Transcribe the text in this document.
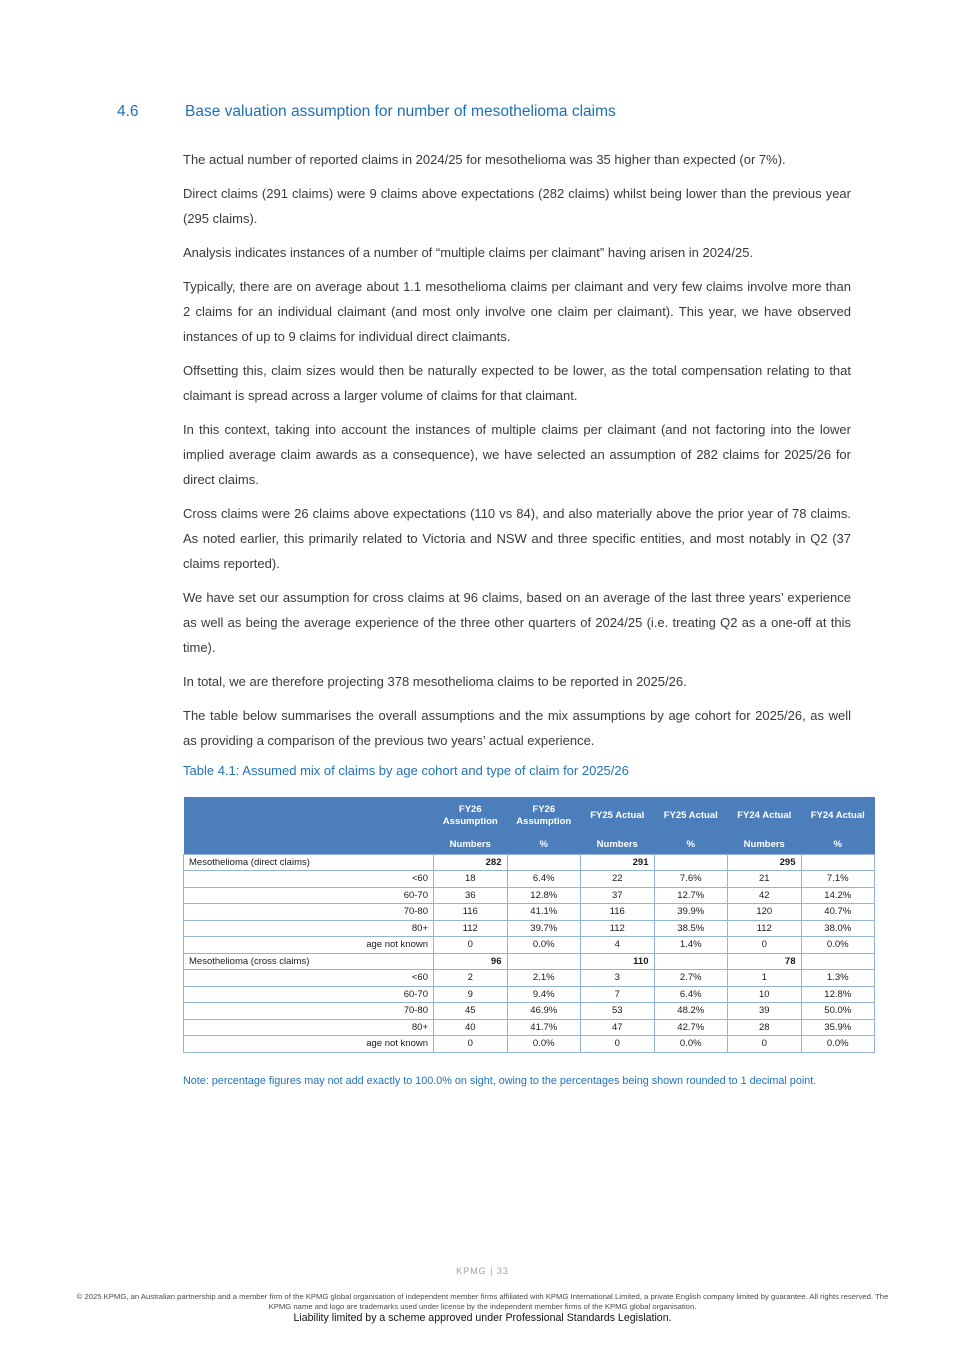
4.6	Base valuation assumption for number of mesothelioma claims

The actual number of reported claims in 2024/25 for mesothelioma was 35 higher than expected (or 7%).

Direct claims (291 claims) were 9 claims above expectations (282 claims) whilst being lower than the previous year (295 claims).

Analysis indicates instances of a number of “multiple claims per claimant” having arisen in 2024/25.

Typically, there are on average about 1.1 mesothelioma claims per claimant and very few claims involve more than 2 claims for an individual claimant (and most only involve one claim per claimant). This year, we have observed instances of up to 9 claims for individual direct claimants.

Offsetting this, claim sizes would then be naturally expected to be lower, as the total compensation relating to that claimant is spread across a larger volume of claims for that claimant.

In this context, taking into account the instances of multiple claims per claimant (and not factoring into the lower implied average claim awards as a consequence), we have selected an assumption of 282 claims for 2025/26 for direct claims.

Cross claims were 26 claims above expectations (110 vs 84), and also materially above the prior year of 78 claims. As noted earlier, this primarily related to Victoria and NSW and three specific entities, and most notably in Q2 (37 claims reported).

We have set our assumption for cross claims at 96 claims, based on an average of the last three years’ experience as well as being the average experience of the three other quarters of 2024/25 (i.e. treating Q2 as a one-off at this time).

In total, we are therefore projecting 378 mesothelioma claims to be reported in 2025/26.

The table below summarises the overall assumptions and the mix assumptions by age cohort for 2025/26, as well as providing a comparison of the previous two years’ actual experience.

Table 4.1: Assumed mix of claims by age cohort and type of claim for 2025/26
	FY26 Assumption	FY26 Assumption	FY25 Actual	FY25 Actual	FY24 Actual	FY24 Actual
	Numbers	%	Numbers	%	Numbers	%
Mesothelioma (direct claims)	282		291		295	
<60	18	6.4%	22	7.6%	21	7.1%
60-70	36	12.8%	37	12.7%	42	14.2%
70-80	116	41.1%	116	39.9%	120	40.7%
80+	112	39.7%	112	38.5%	112	38.0%
age not known	0	0.0%	4	1.4%	0	0.0%
Mesothelioma (cross claims)	96		110		78	
<60	2	2.1%	3	2.7%	1	1.3%
60-70	9	9.4%	7	6.4%	10	12.8%
70-80	45	46.9%	53	48.2%	39	50.0%
80+	40	41.7%	47	42.7%	28	35.9%
age not known	0	0.0%	0	0.0%	0	0.0%
Note: percentage figures may not add exactly to 100.0% on sight, owing to the percentages being shown rounded to 1 decimal point.
KPMG | 33
© 2025 KPMG, an Australian partnership and a member firm of the KPMG global organisation of independent member firms affiliated with KPMG International Limited, a private English company limited by guarantee. All rights reserved. The KPMG name and logo are trademarks used under license by the independent member firms of the KPMG global organisation.
Liability limited by a scheme approved under Professional Standards Legislation.
